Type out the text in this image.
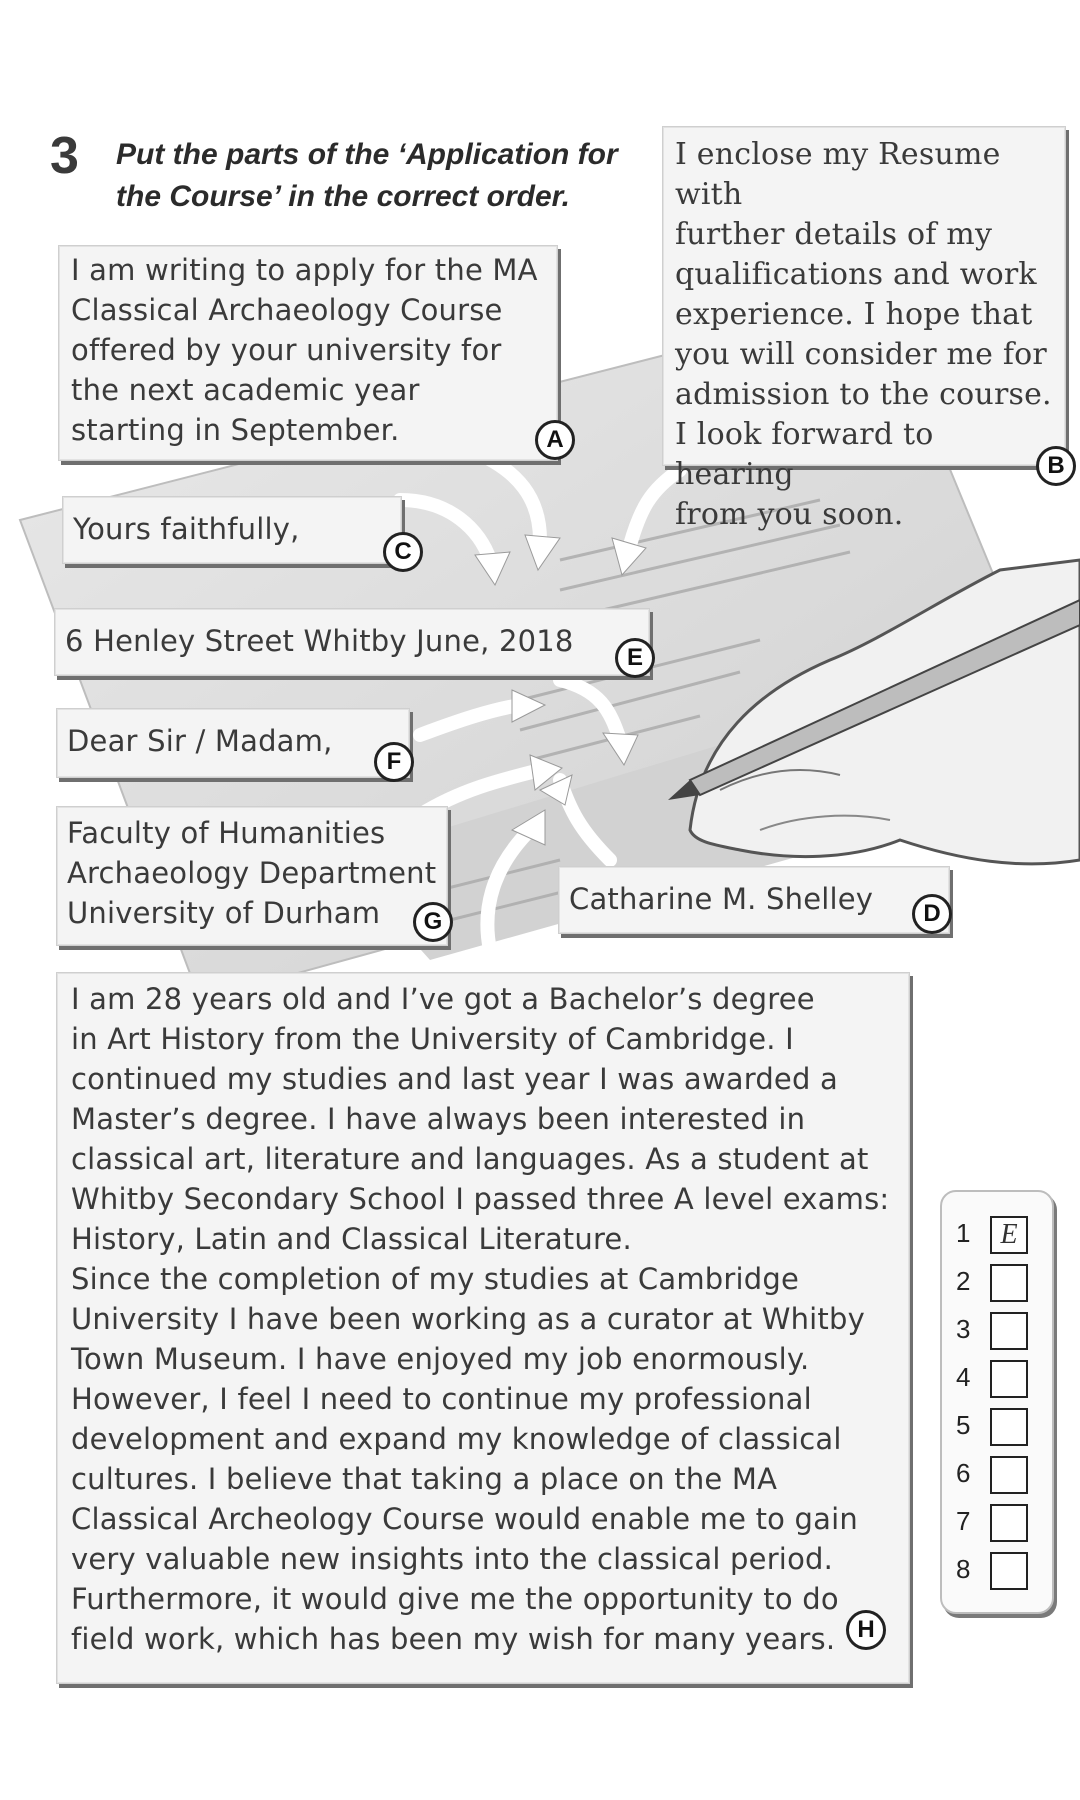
3 Put the parts of the ‘Application for the Course’ in the correct order.
I am writing to apply for the MA
Classical Archaeology Course
offered by your university for
the next academic year
starting in September.	A
I enclose my Resume with
further details of my
qualifications and work
experience. I hope that
you will consider me for
admission to the course.
I look forward to hearing
from you soon.
B
Yours faithfully,
C
6 Henley Street Whitby June, 2018	E
Dear Sir / Madam,
F
Faculty of Humanities
Archaeology Department
University of Durham	G
Catharine M. Shelley	D
I am 28 years old and I’ve got a Bachelor’s degree
in Art History from the University of Cambridge. I
continued my studies and last year I was awarded a
Master’s degree. I have always been interested in
classical art, literature and languages. As a student at
Whitby Secondary School I passed three A level exams:
History, Latin and Classical Literature.
Since the completion of my studies at Cambridge
University I have been working as a curator at Whitby
Town Museum. I have enjoyed my job enormously.
However, I feel I need to continue my professional
development and expand my knowledge of classical
cultures. I believe that taking a place on the MA
Classical Archeology Course would enable me to gain
very valuable new insights into the classical period.
Furthermore, it would give me the opportunity to do
field work, which has been my wish for many years. H
1	E
2
3
4
5
6
7
8
